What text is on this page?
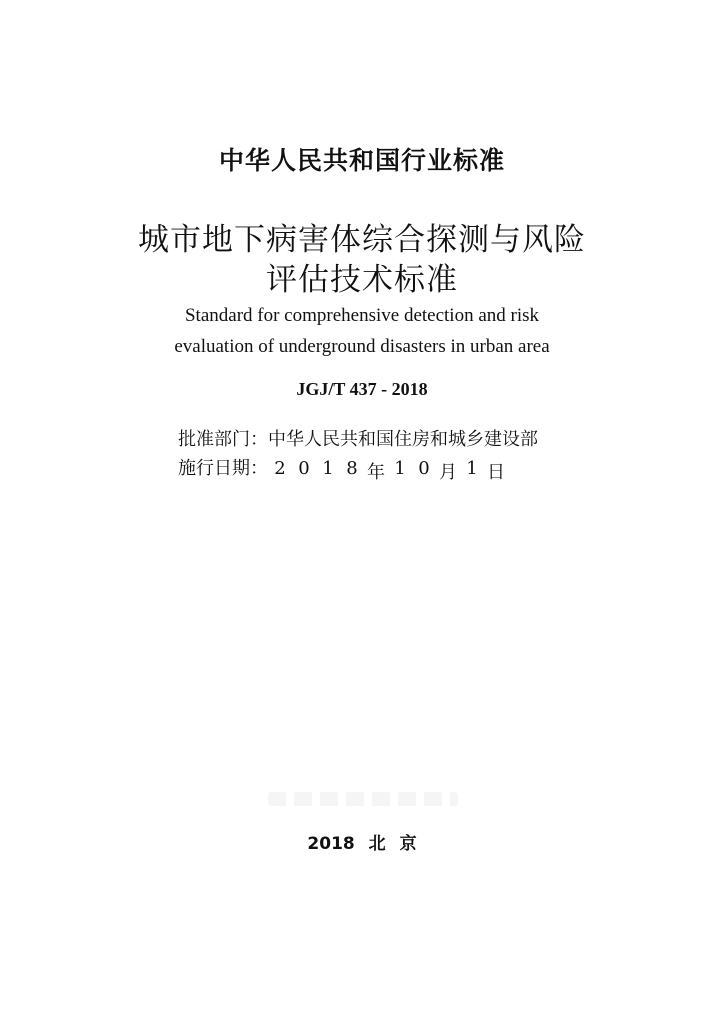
中华人民共和国行业标准
城市地下病害体综合探测与风险
评估技术标准
Standard for comprehensive detection and risk
evaluation of underground disasters in urban area
JGJ/T 437 - 2018
批准部门：中华人民共和国住房和城乡建设部
施行日期： 2 0 1 8 年 1 0 月 1 日
2018 北 京
